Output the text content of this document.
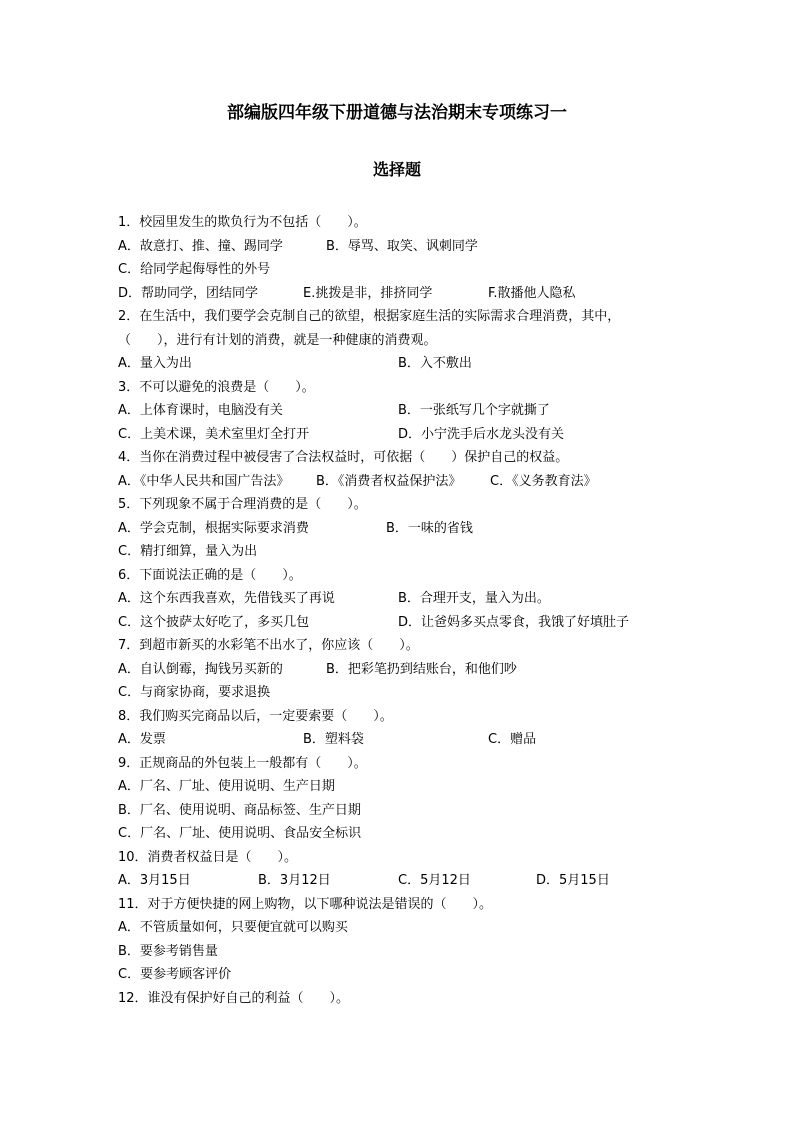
部编版四年级下册道德与法治期末专项练习一
选择题
1．校园里发生的欺负行为不包括（　　）。
A．故意打、推、撞、踢同学	B．辱骂、取笑、讽刺同学
C．给同学起侮辱性的外号
D．帮助同学，团结同学	E.挑拨是非，排挤同学	F.散播他人隐私
2．在生活中，我们要学会克制自己的欲望，根据家庭生活的实际需求合理消费，其中，
（　　），进行有计划的消费，就是一种健康的消费观。
A．量入为出	B．入不敷出
3．不可以避免的浪费是（　　）。
A．上体育课时，电脑没有关	B．一张纸写几个字就撕了
C．上美术课，美术室里灯全打开	D．小宁洗手后水龙头没有关
4．当你在消费过程中被侵害了合法权益时，可依据（　　）保护自己的权益。
A．《中华人民共和国广告法》 B．《消费者权益保护法》 C．《义务教育法》
5．下列现象不属于合理消费的是（　　）。
A．学会克制，根据实际要求消费	B．一味的省钱
C．精打细算，量入为出
6．下面说法正确的是（　　）。
A．这个东西我喜欢，先借钱买了再说	B．合理开支，量入为出。
C．这个披萨太好吃了，多买几包	D．让爸妈多买点零食，我饿了好填肚子
7．到超市新买的水彩笔不出水了，你应该（　　）。
A．自认倒霉，掏钱另买新的	B．把彩笔扔到结账台，和他们吵
C．与商家协商，要求退换
8．我们购买完商品以后，一定要索要（　　）。
A．发票	B．塑料袋	C．赠品
9．正规商品的外包装上一般都有（　　）。
A．厂名、厂址、使用说明、生产日期
B．厂名、使用说明、商品标签、生产日期
C．厂名、厂址、使用说明、食品安全标识
10．消费者权益日是（　　）。
A．3月15日	B．3月12日	C．5月12日	D．5月15日
11．对于方便快捷的网上购物，以下哪种说法是错误的（　　）。
A．不管质量如何，只要便宜就可以购买
B．要参考销售量
C．要参考顾客评价
12．谁没有保护好自己的利益（　　）。
